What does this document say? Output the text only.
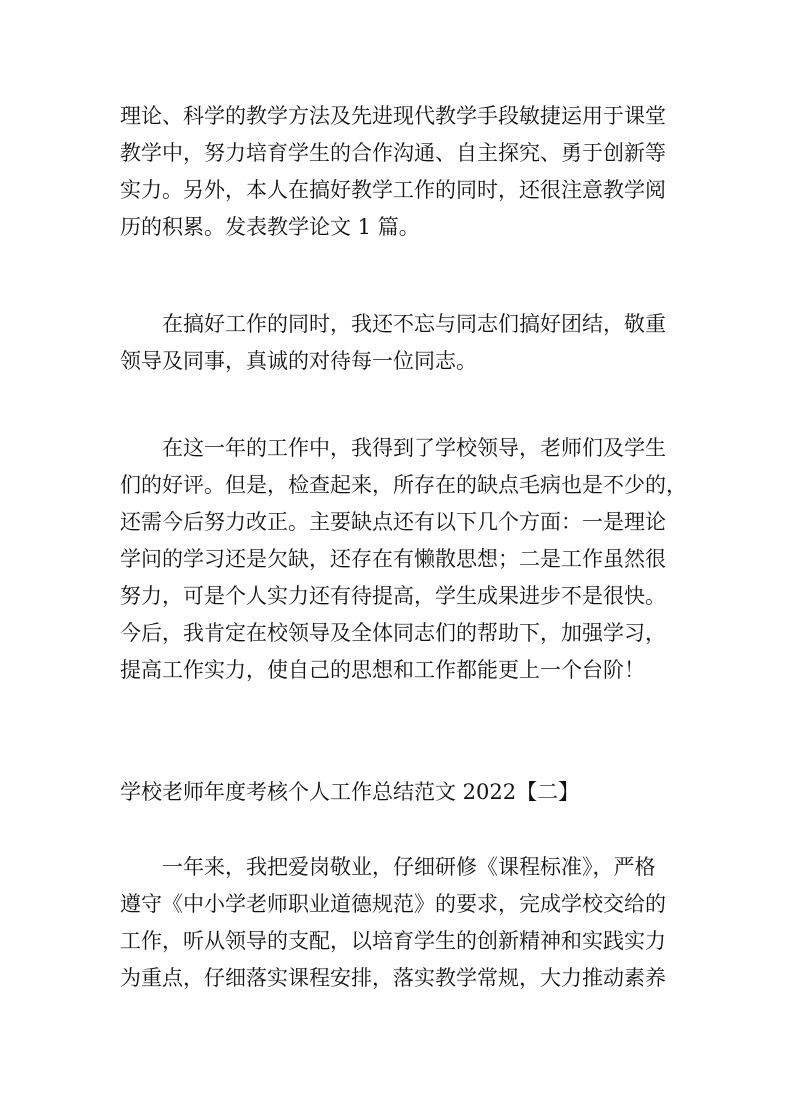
理论、科学的教学方法及先进现代教学手段敏捷运用于课堂
教学中，努力培育学生的合作沟通、自主探究、勇于创新等
实力。另外，本人在搞好教学工作的同时，还很注意教学阅
历的积累。发表教学论文 1 篇。

在搞好工作的同时，我还不忘与同志们搞好团结，敬重
领导及同事，真诚的对待每一位同志。

在这一年的工作中，我得到了学校领导，老师们及学生
们的好评。但是，检查起来，所存在的缺点毛病也是不少的，
还需今后努力改正。主要缺点还有以下几个方面：一是理论
学问的学习还是欠缺，还存在有懒散思想；二是工作虽然很
努力，可是个人实力还有待提高，学生成果进步不是很快。
今后，我肯定在校领导及全体同志们的帮助下，加强学习，
提高工作实力，使自己的思想和工作都能更上一个台阶！

学校老师年度考核个人工作总结范文 2022【二】

一年来，我把爱岗敬业，仔细研修《课程标准》，严格
遵守《中小学老师职业道德规范》的要求，完成学校交给的
工作，听从领导的支配，以培育学生的创新精神和实践实力
为重点，仔细落实课程安排，落实教学常规，大力推动素养
